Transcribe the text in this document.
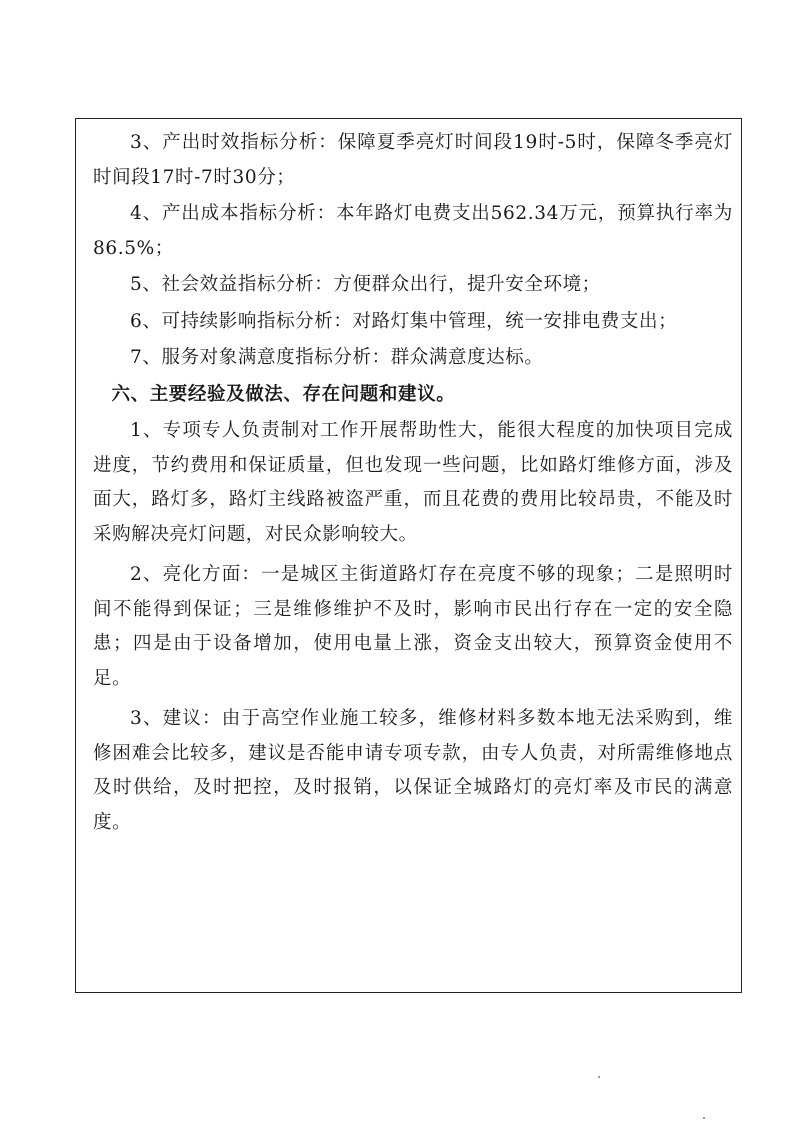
3、产出时效指标分析：保障夏季亮灯时间段19时-5时，保障冬季亮灯时间段17时-7时30分；

4、产出成本指标分析：本年路灯电费支出562.34万元，预算执行率为86.5%；

5、社会效益指标分析：方便群众出行，提升安全环境；

6、可持续影响指标分析：对路灯集中管理，统一安排电费支出；

7、服务对象满意度指标分析：群众满意度达标。

六、主要经验及做法、存在问题和建议。

1、专项专人负责制对工作开展帮助性大，能很大程度的加快项目完成进度，节约费用和保证质量，但也发现一些问题，比如路灯维修方面，涉及面大，路灯多，路灯主线路被盗严重，而且花费的费用比较昂贵，不能及时采购解决亮灯问题，对民众影响较大。

2、亮化方面：一是城区主街道路灯存在亮度不够的现象；二是照明时间不能得到保证；三是维修维护不及时，影响市民出行存在一定的安全隐患；四是由于设备增加，使用电量上涨，资金支出较大，预算资金使用不足。

3、建议：由于高空作业施工较多，维修材料多数本地无法采购到，维修困难会比较多，建议是否能申请专项专款，由专人负责，对所需维修地点及时供给，及时把控，及时报销，以保证全城路灯的亮灯率及市民的满意度。
